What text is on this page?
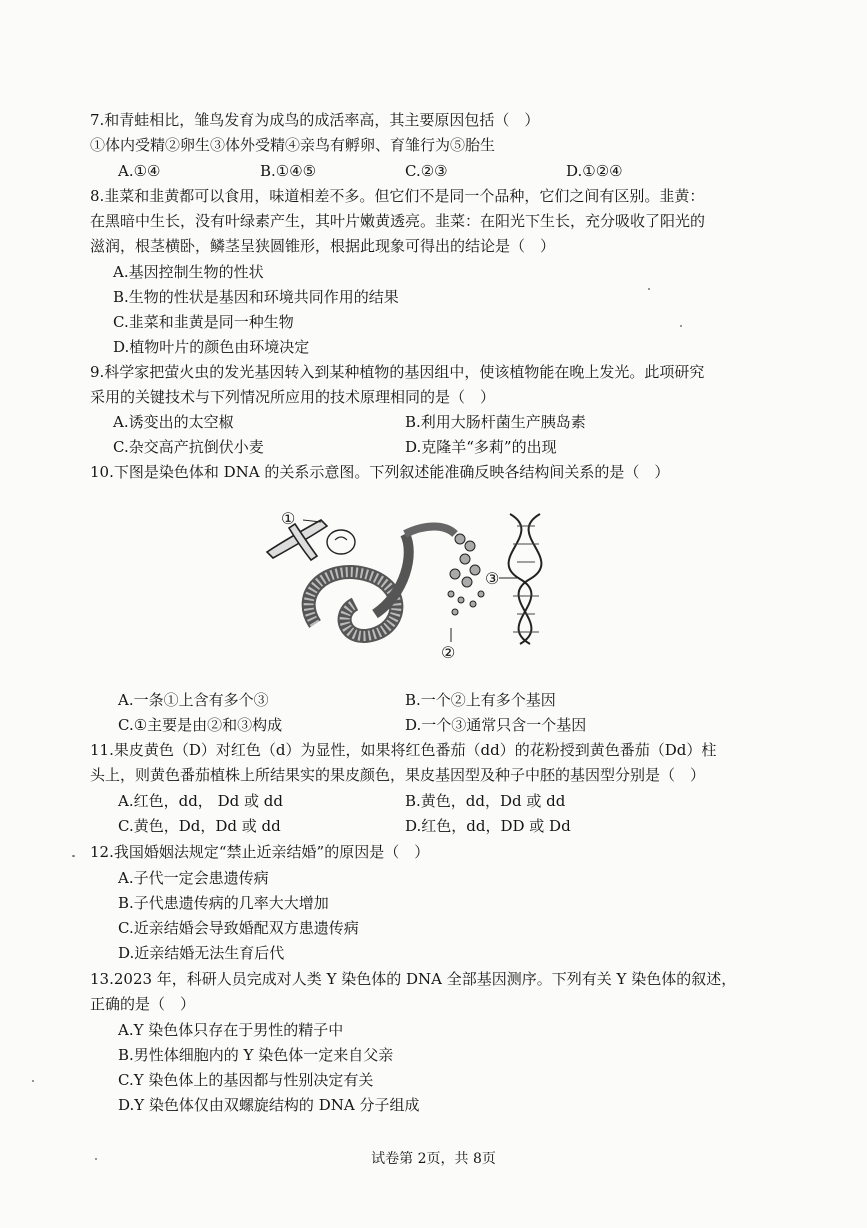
7.和青蛙相比，雏鸟发育为成鸟的成活率高，其主要原因包括（　）
①体内受精②卵生③体外受精④亲鸟有孵卵、育雏行为⑤胎生
A.①④	B.①④⑤	C.②③	D.①②④
8.韭菜和韭黄都可以食用，味道相差不多。但它们不是同一个品种，它们之间有区别。韭黄：
在黑暗中生长，没有叶绿素产生，其叶片嫩黄透亮。韭菜：在阳光下生长，充分吸收了阳光的
滋润，根茎横卧，鳞茎呈狭圆锥形，根据此现象可得出的结论是（　）
A.基因控制生物的性状
B.生物的性状是基因和环境共同作用的结果
C.韭菜和韭黄是同一种生物
D.植物叶片的颜色由环境决定
9.科学家把萤火虫的发光基因转入到某种植物的基因组中，使该植物能在晚上发光。此项研究
采用的关键技术与下列情况所应用的技术原理相同的是（　）
A.诱变出的太空椒	B.利用大肠杆菌生产胰岛素
C.杂交高产抗倒伏小麦	D.克隆羊“多莉”的出现
10.下图是染色体和 DNA 的关系示意图。下列叙述能准确反映各结构间关系的是（　）
①
②
③
A.一条①上含有多个③	B.一个②上有多个基因
C.①主要是由②和③构成	D.一个③通常只含一个基因
11.果皮黄色（D）对红色（d）为显性，如果将红色番茄（dd）的花粉授到黄色番茄（Dd）柱
头上，则黄色番茄植株上所结果实的果皮颜色，果皮基因型及种子中胚的基因型分别是（　）
A.红色，dd， Dd 或 dd	B.黄色，dd，Dd 或 dd
C.黄色，Dd，Dd 或 dd	D.红色，dd，DD 或 Dd
12.我国婚姻法规定“禁止近亲结婚”的原因是（　）
A.子代一定会患遗传病
B.子代患遗传病的几率大大增加
C.近亲结婚会导致婚配双方患遗传病
D.近亲结婚无法生育后代
13.2023 年，科研人员完成对人类 Y 染色体的 DNA 全部基因测序。下列有关 Y 染色体的叙述，
正确的是（　）
A.Y 染色体只存在于男性的精子中
B.男性体细胞内的 Y 染色体一定来自父亲
C.Y 染色体上的基因都与性别决定有关
D.Y 染色体仅由双螺旋结构的 DNA 分子组成
试卷第 2页，共 8页
